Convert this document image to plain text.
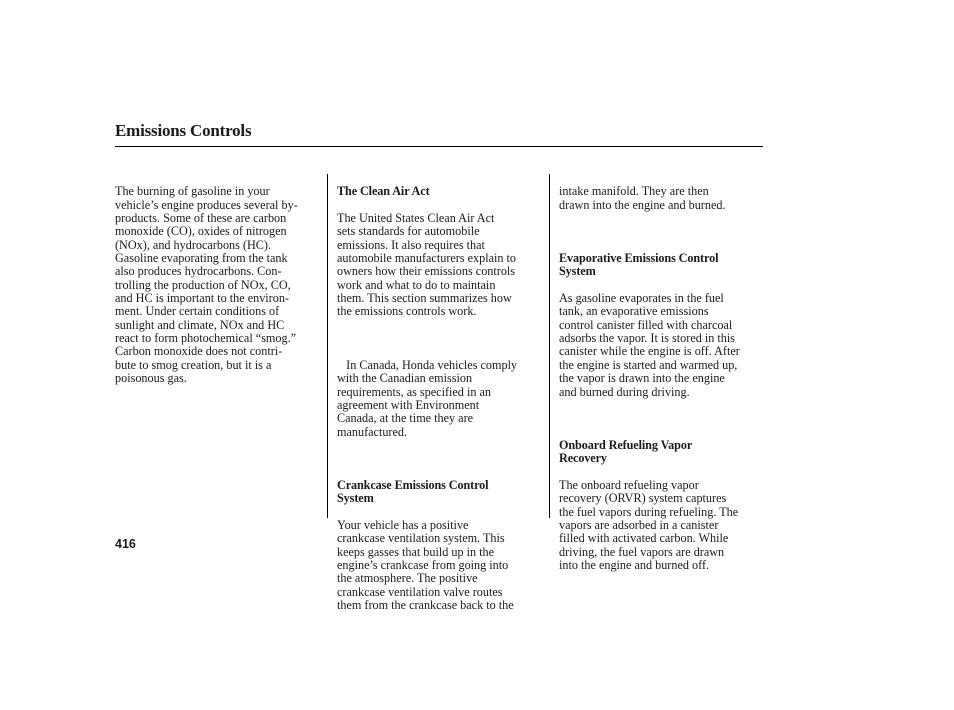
Emissions Controls

The burning of gasoline in your
vehicle’s engine produces several by-
products. Some of these are carbon
monoxide (CO), oxides of nitrogen
(NOx), and hydrocarbons (HC).
Gasoline evaporating from the tank
also produces hydrocarbons. Con-
trolling the production of NOx, CO,
and HC is important to the environ-
ment. Under certain conditions of
sunlight and climate, NOx and HC
react to form photochemical “smog.”
Carbon monoxide does not contri-
bute to smog creation, but it is a
poisonous gas.

The Clean Air Act

The United States Clean Air Act
sets standards for automobile
emissions. It also requires that
automobile manufacturers explain to
owners how their emissions controls
work and what to do to maintain
them. This section summarizes how
the emissions controls work.

In Canada, Honda vehicles comply
with the Canadian emission
requirements, as specified in an
agreement with Environment
Canada, at the time they are
manufactured.

Crankcase Emissions Control
System

Your vehicle has a positive
crankcase ventilation system. This
keeps gasses that build up in the
engine’s crankcase from going into
the atmosphere. The positive
crankcase ventilation valve routes
them from the crankcase back to the

intake manifold. They are then
drawn into the engine and burned.

Evaporative Emissions Control
System

As gasoline evaporates in the fuel
tank, an evaporative emissions
control canister filled with charcoal
adsorbs the vapor. It is stored in this
canister while the engine is off. After
the engine is started and warmed up,
the vapor is drawn into the engine
and burned during driving.

Onboard Refueling Vapor
Recovery

The onboard refueling vapor
recovery (ORVR) system captures
the fuel vapors during refueling. The
vapors are adsorbed in a canister
filled with activated carbon. While
driving, the fuel vapors are drawn
into the engine and burned off.

416
